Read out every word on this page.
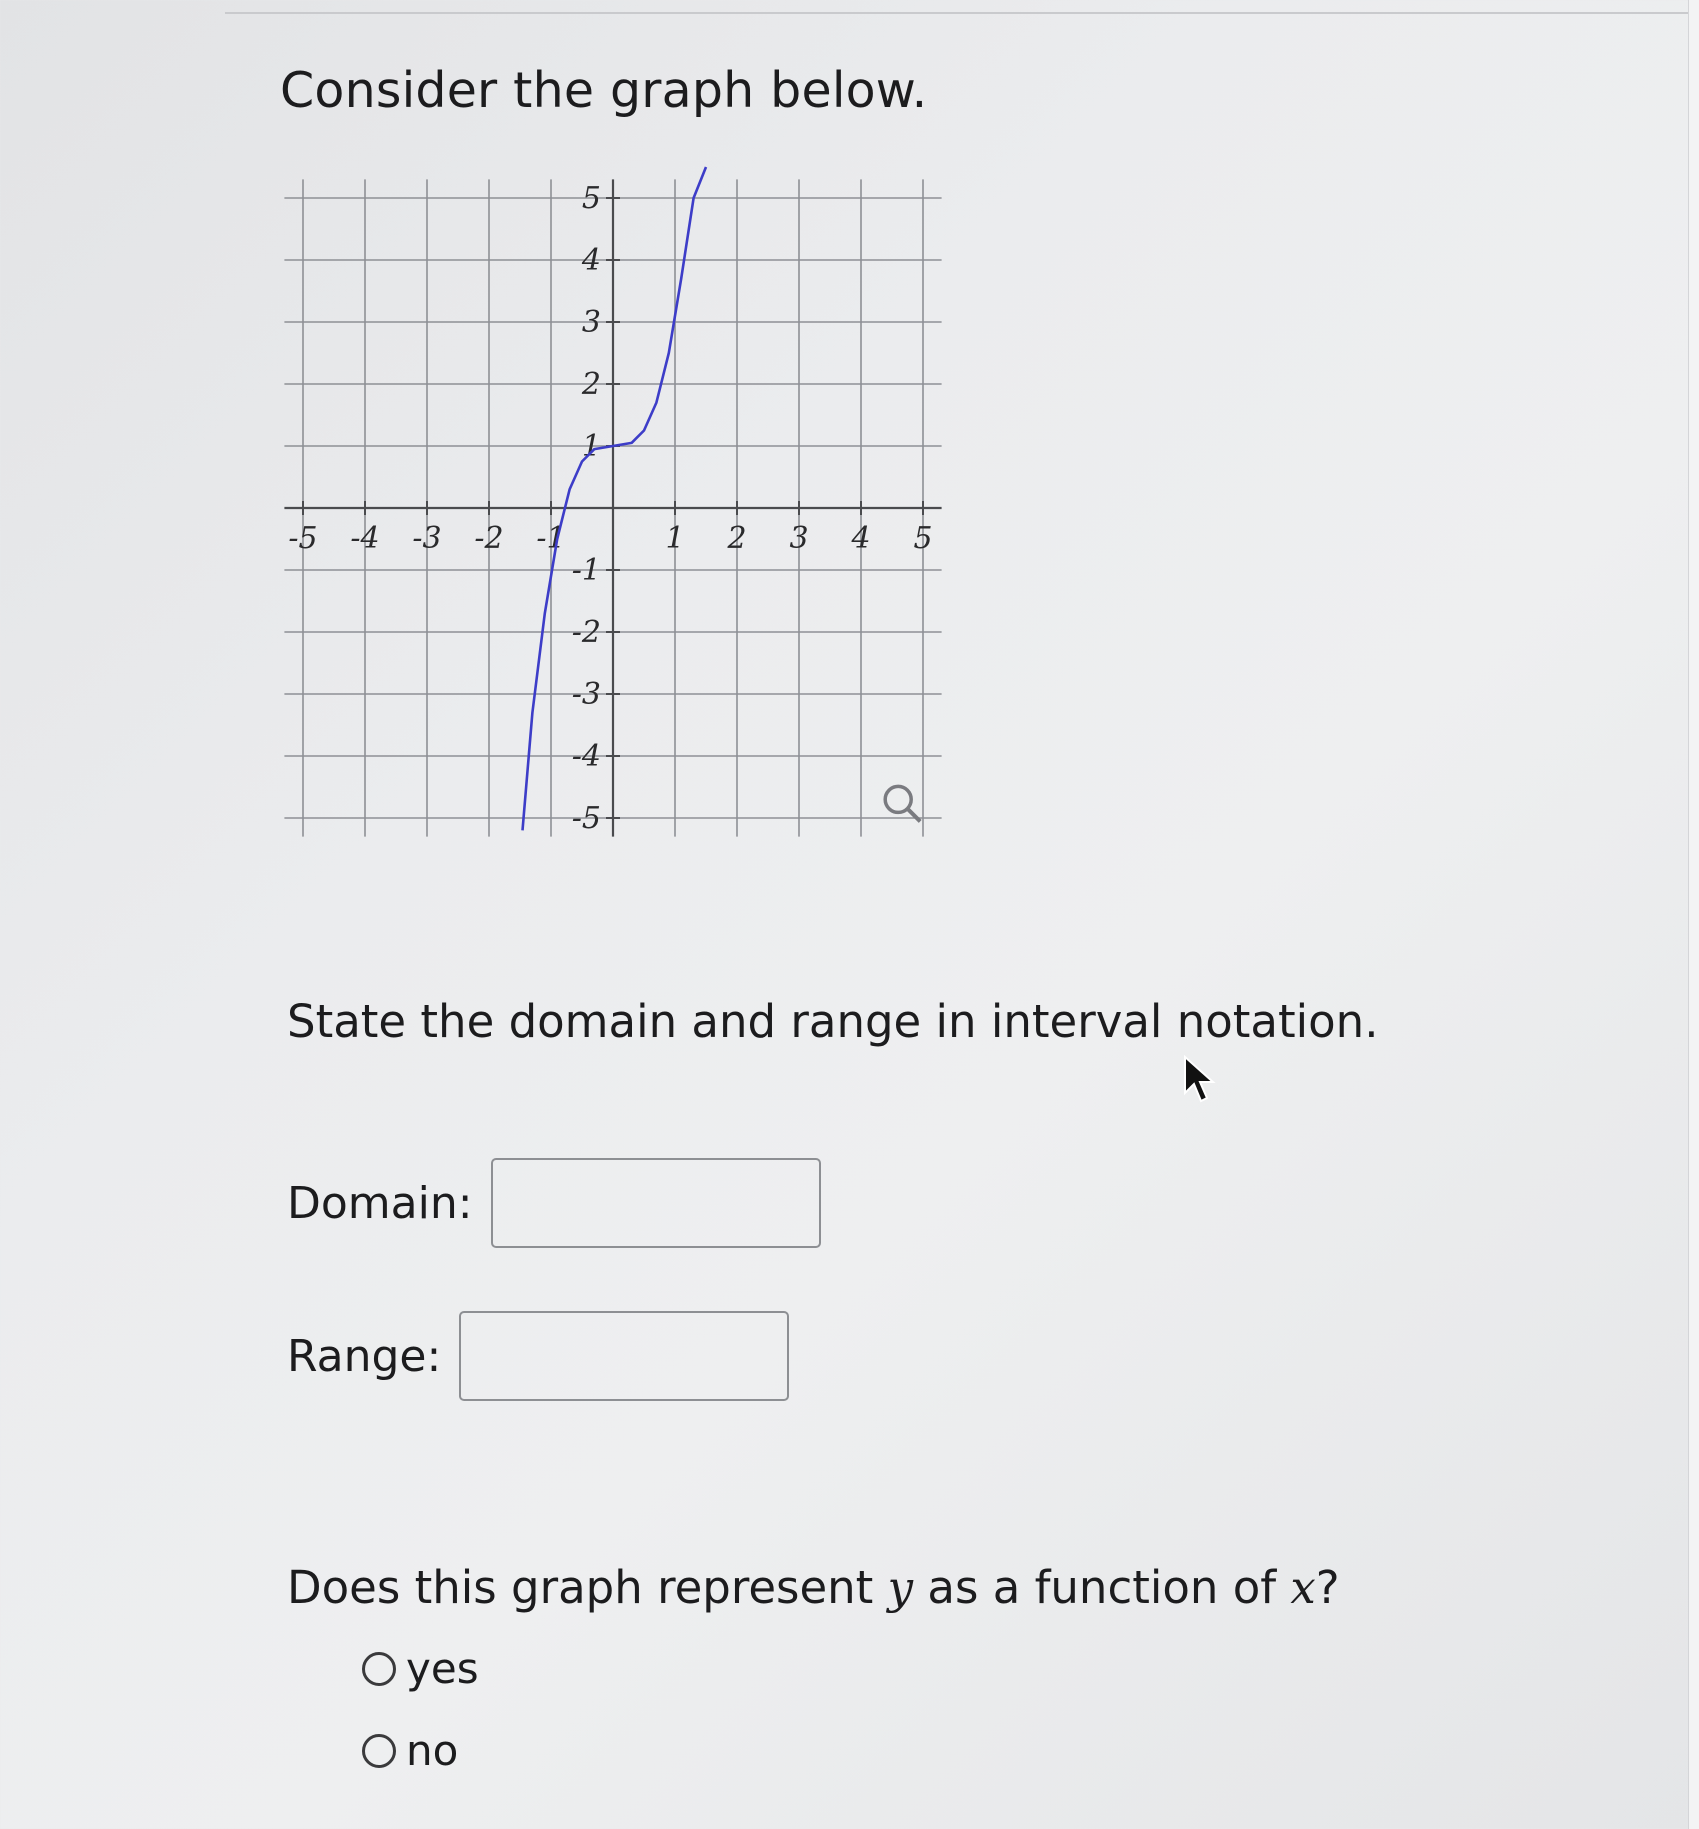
Consider the graph below.
-5 -4 -3 -2 -1	1 2 3 4 5
5
4
3
2
1
-1
-2
-3
-4
-5

State the domain and range in interval notation.

Domain:
Range:

Does this graph represent y as a function of x?

yes
no
